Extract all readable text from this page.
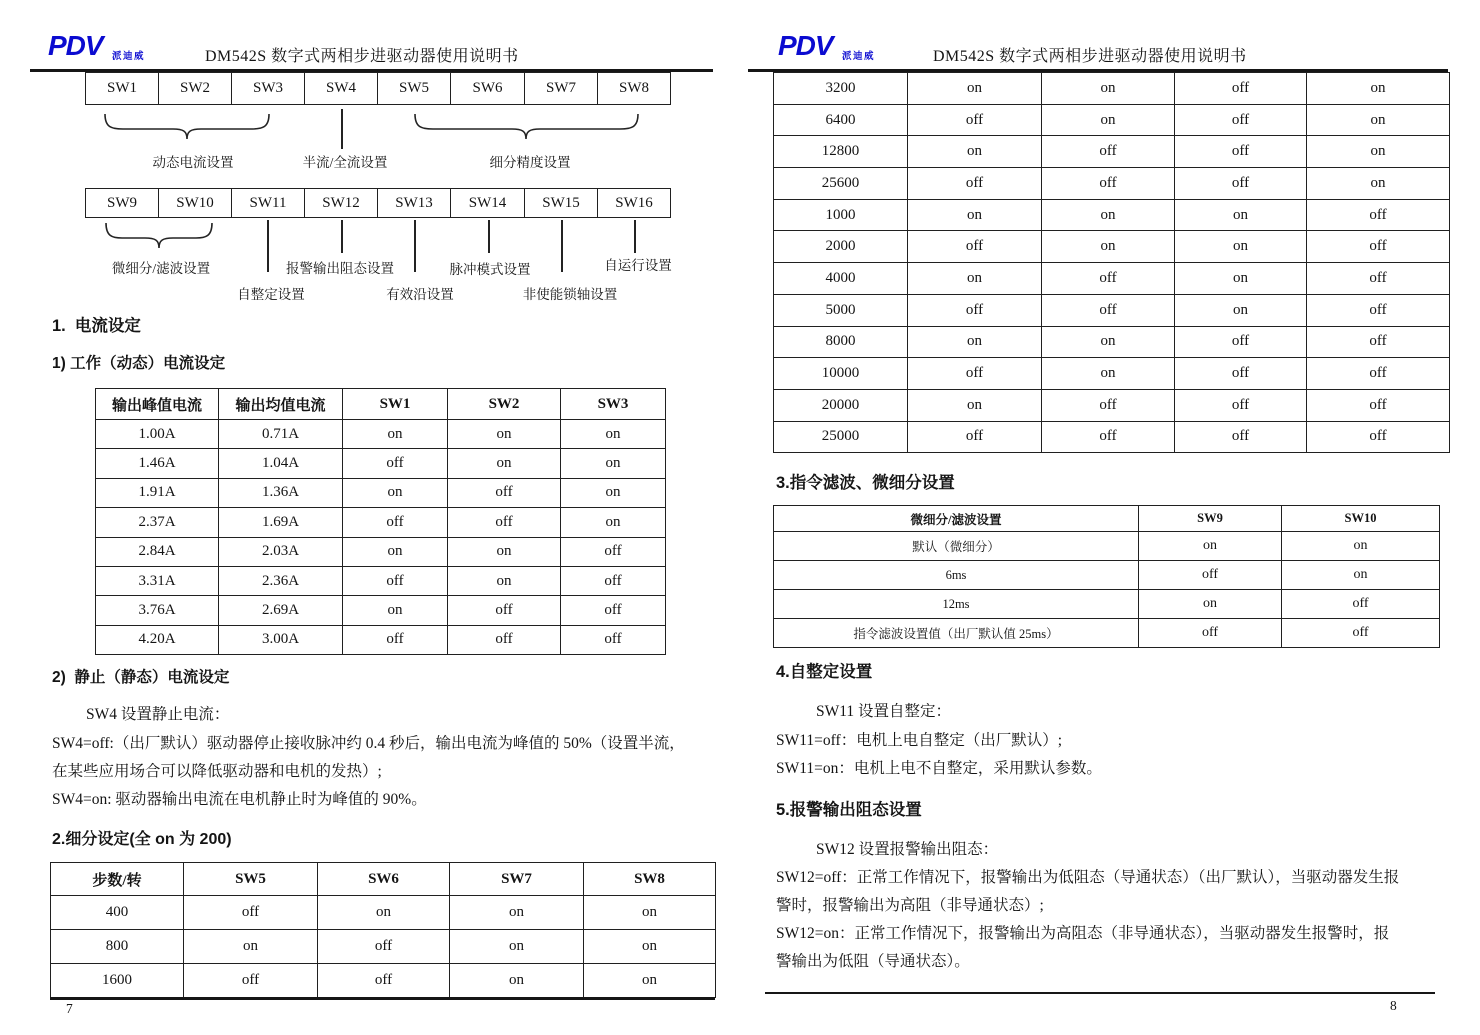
PDV 派迪威	DM542S 数字式两相步进驱动器使用说明书
SW1	SW2	SW3	SW4	SW5	SW6	SW7	SW8
动态电流设置	半流/全流设置	细分精度设置
SW9	SW10	SW11	SW12	SW13	SW14	SW15	SW16
微细分/滤波设置	报警输出阻态设置	脉冲模式设置	自运行设置
自整定设置	有效沿设置	非使能锁轴设置
1.  电流设定
1) 工作（动态）电流设定
输出峰值电流	输出均值电流	SW1	SW2	SW3
1.00A	0.71A	on	on	on
1.46A	1.04A	off	on	on
1.91A	1.36A	on	off	on
2.37A	1.69A	off	off	on
2.84A	2.03A	on	on	off
3.31A	2.36A	off	on	off
3.76A	2.69A	on	off	off
4.20A	3.00A	off	off	off
2)  静止（静态）电流设定
SW4 设置静止电流：
SW4=off:（出厂默认）驱动器停止接收脉冲约 0.4 秒后，输出电流为峰值的 50%（设置半流，
在某些应用场合可以降低驱动器和电机的发热）;
SW4=on: 驱动器输出电流在电机静止时为峰值的 90%。
2.细分设定(全 on 为 200)
步数/转	SW5	SW6	SW7	SW8
400	off	on	on	on
800	on	off	on	on
1600	off	off	on	on
7
PDV 派迪威	DM542S 数字式两相步进驱动器使用说明书
3200	on	on	off	on
6400	off	on	off	on
12800	on	off	off	on
25600	off	off	off	on
1000	on	on	on	off
2000	off	on	on	off
4000	on	off	on	off
5000	off	off	on	off
8000	on	on	off	off
10000	off	on	off	off
20000	on	off	off	off
25000	off	off	off	off
3.指令滤波、微细分设置
微细分/滤波设置	SW9	SW10
默认（微细分）	on	on
6ms	off	on
12ms	on	off
指令滤波设置值（出厂默认值 25ms）	off	off
4.自整定设置
SW11 设置自整定：
SW11=off：电机上电自整定（出厂默认）;
SW11=on：电机上电不自整定，采用默认参数。
5.报警输出阻态设置
SW12 设置报警输出阻态：
SW12=off：正常工作情况下，报警输出为低阻态（导通状态）（出厂默认），当驱动器发生报
警时，报警输出为高阻（非导通状态）;
SW12=on：正常工作情况下，报警输出为高阻态（非导通状态），当驱动器发生报警时，报
警输出为低阻（导通状态）。
8
